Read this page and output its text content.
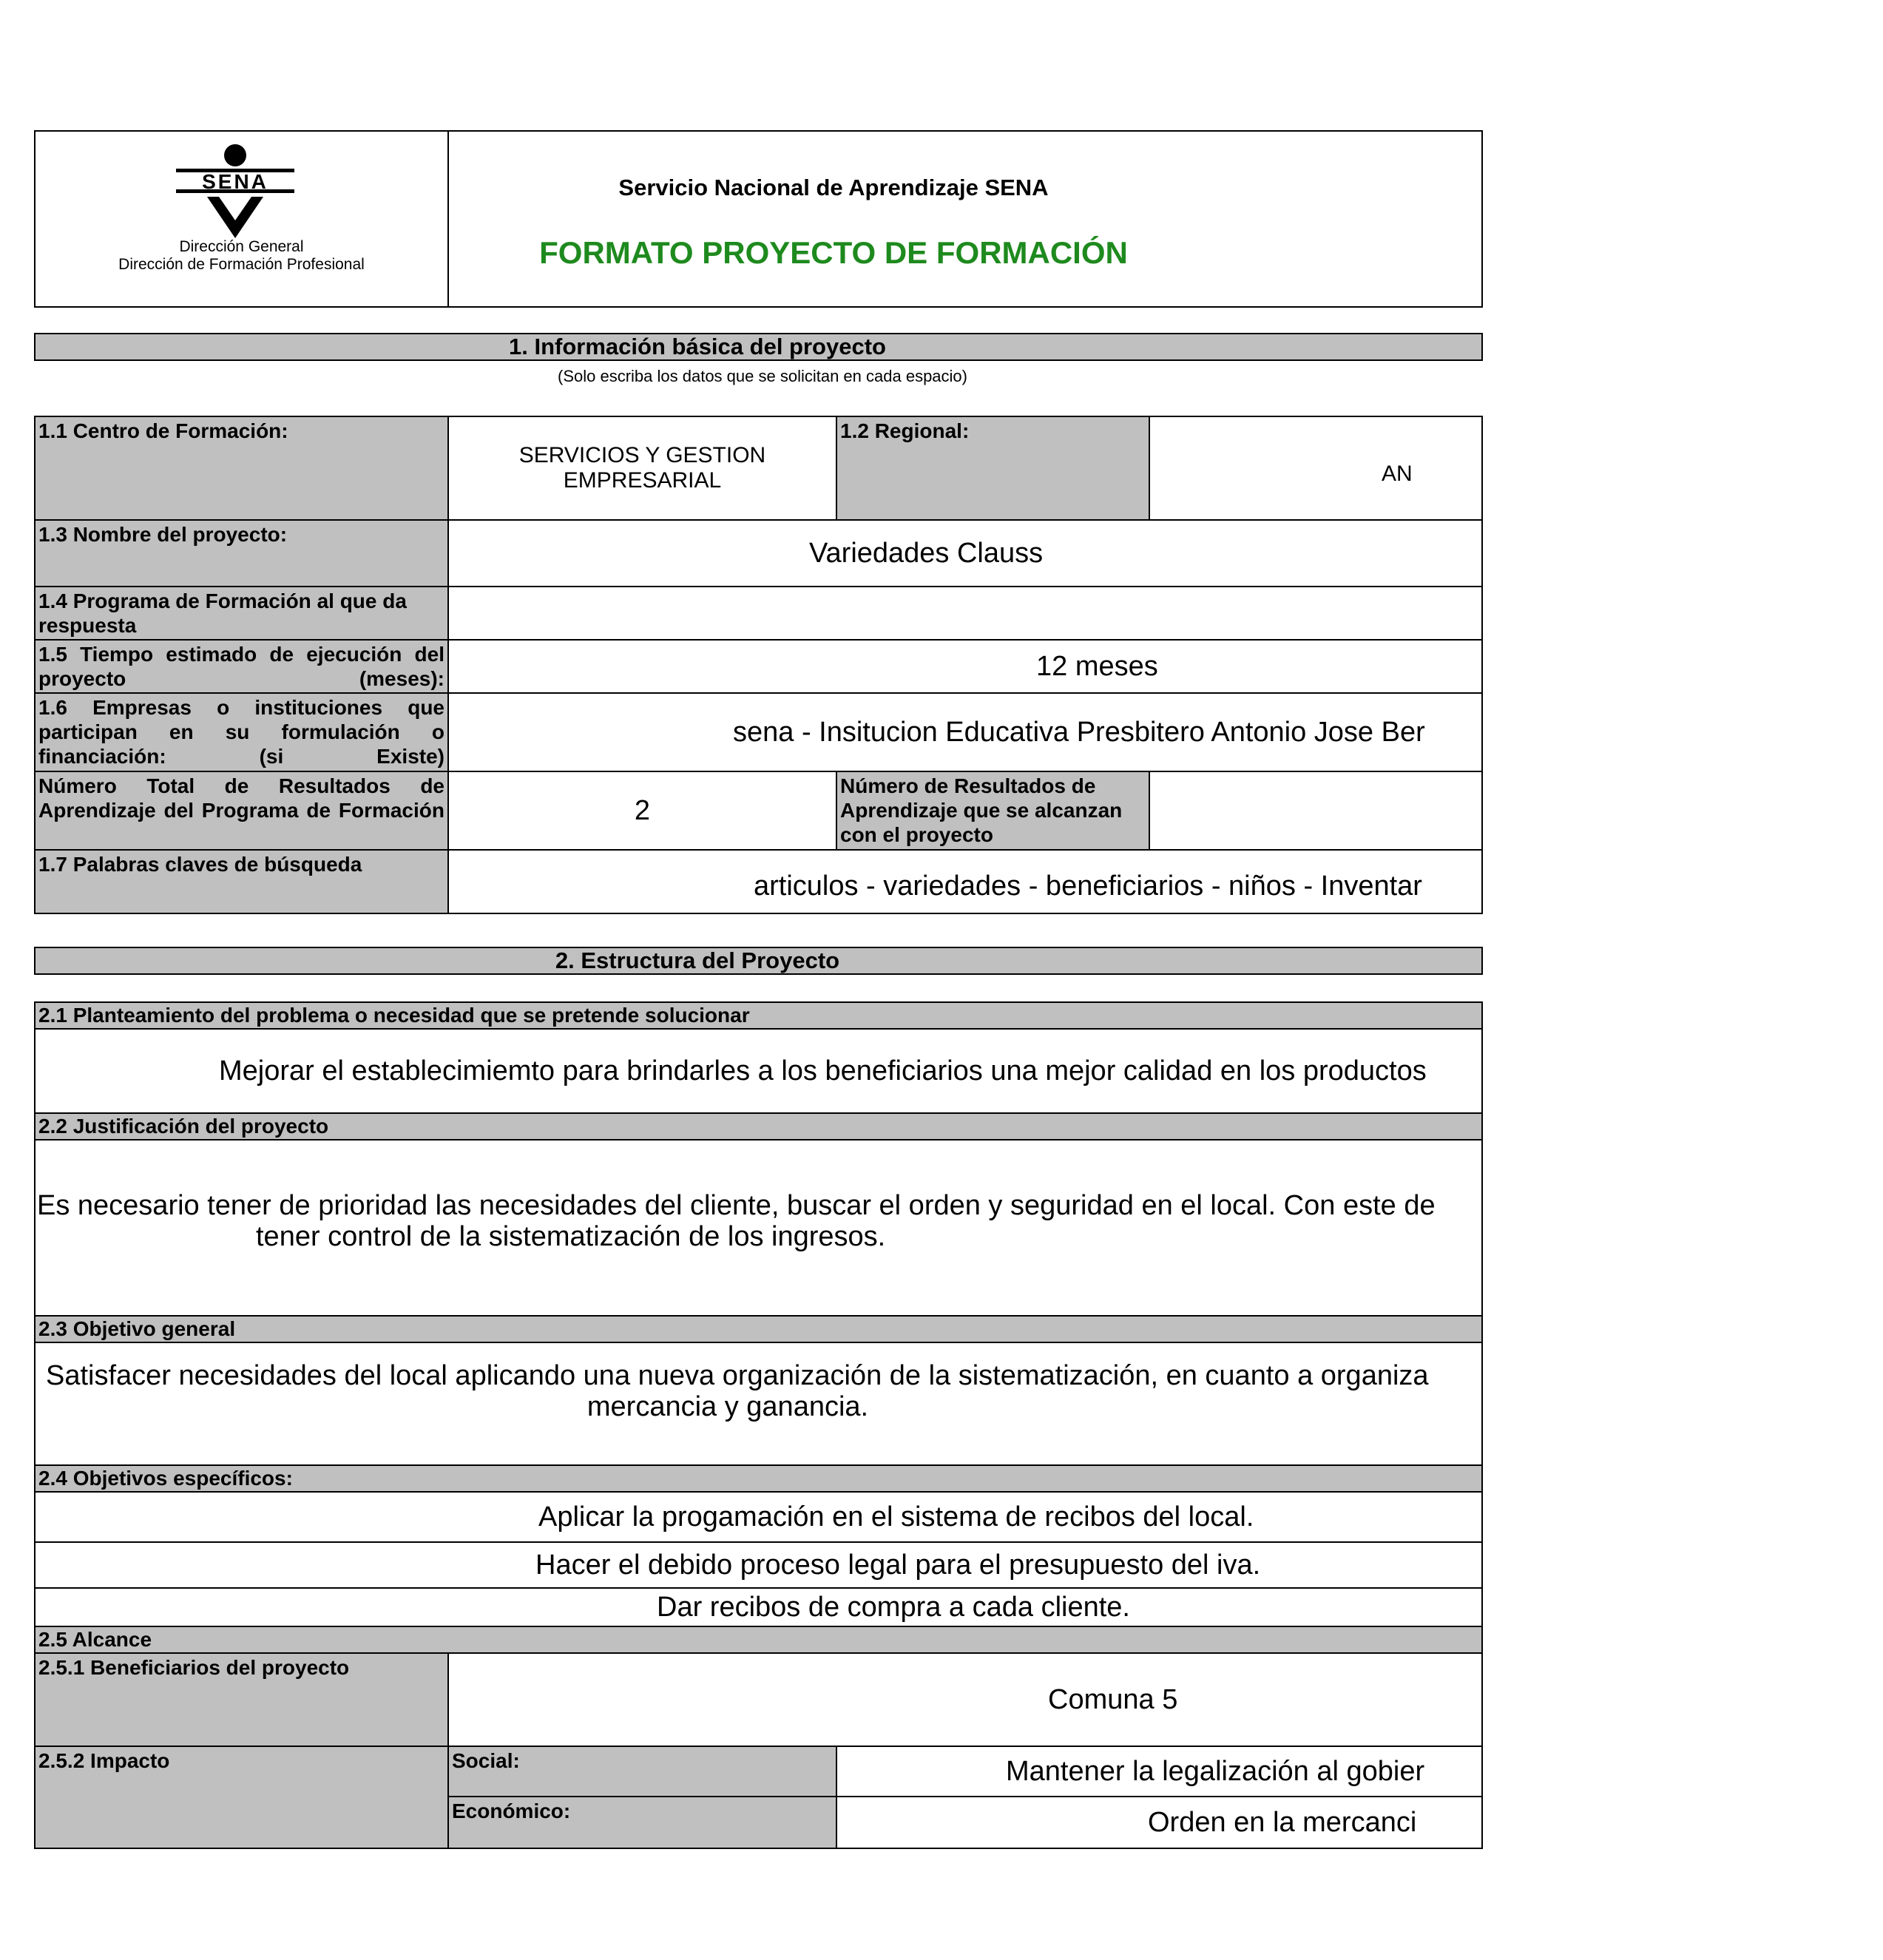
SENA
Dirección General
Dirección de Formación Profesional
Servicio Nacional de Aprendizaje SENA
FORMATO PROYECTO DE FORMACIÓN
1. Información básica del proyecto
(Solo escriba los datos que se solicitan en cada espacio)
1.1 Centro de Formación:
SERVICIOS Y GESTION EMPRESARIAL
1.2 Regional:
AN
1.3 Nombre del proyecto:
Variedades Clauss
1.4 Programa de Formación al que da respuesta
1.5 Tiempo estimado de ejecución del proyecto (meses):	12 meses
1.6 Empresas o instituciones que participan en su formulación o financiación: (si Existe)
sena - Insitucion Educativa Presbitero Antonio Jose Ber
Número Total de Resultados de Aprendizaje del Programa de Formación	2
Número de Resultados de Aprendizaje que se alcanzan con el proyecto
1.7 Palabras claves de búsqueda
articulos - variedades - beneficiarios - niños - Inventar
2. Estructura del Proyecto
2.1 Planteamiento del problema o necesidad que se pretende solucionar
Mejorar el establecimiemto para brindarles a los beneficiarios una mejor calidad en los productos
2.2 Justificación del proyecto
Es necesario tener de prioridad las necesidades del cliente, buscar el orden y seguridad en el local. Con este de
tener control de la sistematización de los ingresos.
2.3 Objetivo general
Satisfacer necesidades del local aplicando una nueva organización de la sistematización, en cuanto a organiza
mercancia y ganancia.
2.4 Objetivos específicos:
Aplicar la progamación en el sistema de recibos del local.
Hacer el debido proceso legal para el presupuesto del iva.
Dar recibos de compra a cada cliente.
2.5 Alcance
2.5.1 Beneficiarios del proyecto
Comuna 5
2.5.2 Impacto	Social:	Mantener la legalización al gobier
Económico:	Orden en la mercanci
